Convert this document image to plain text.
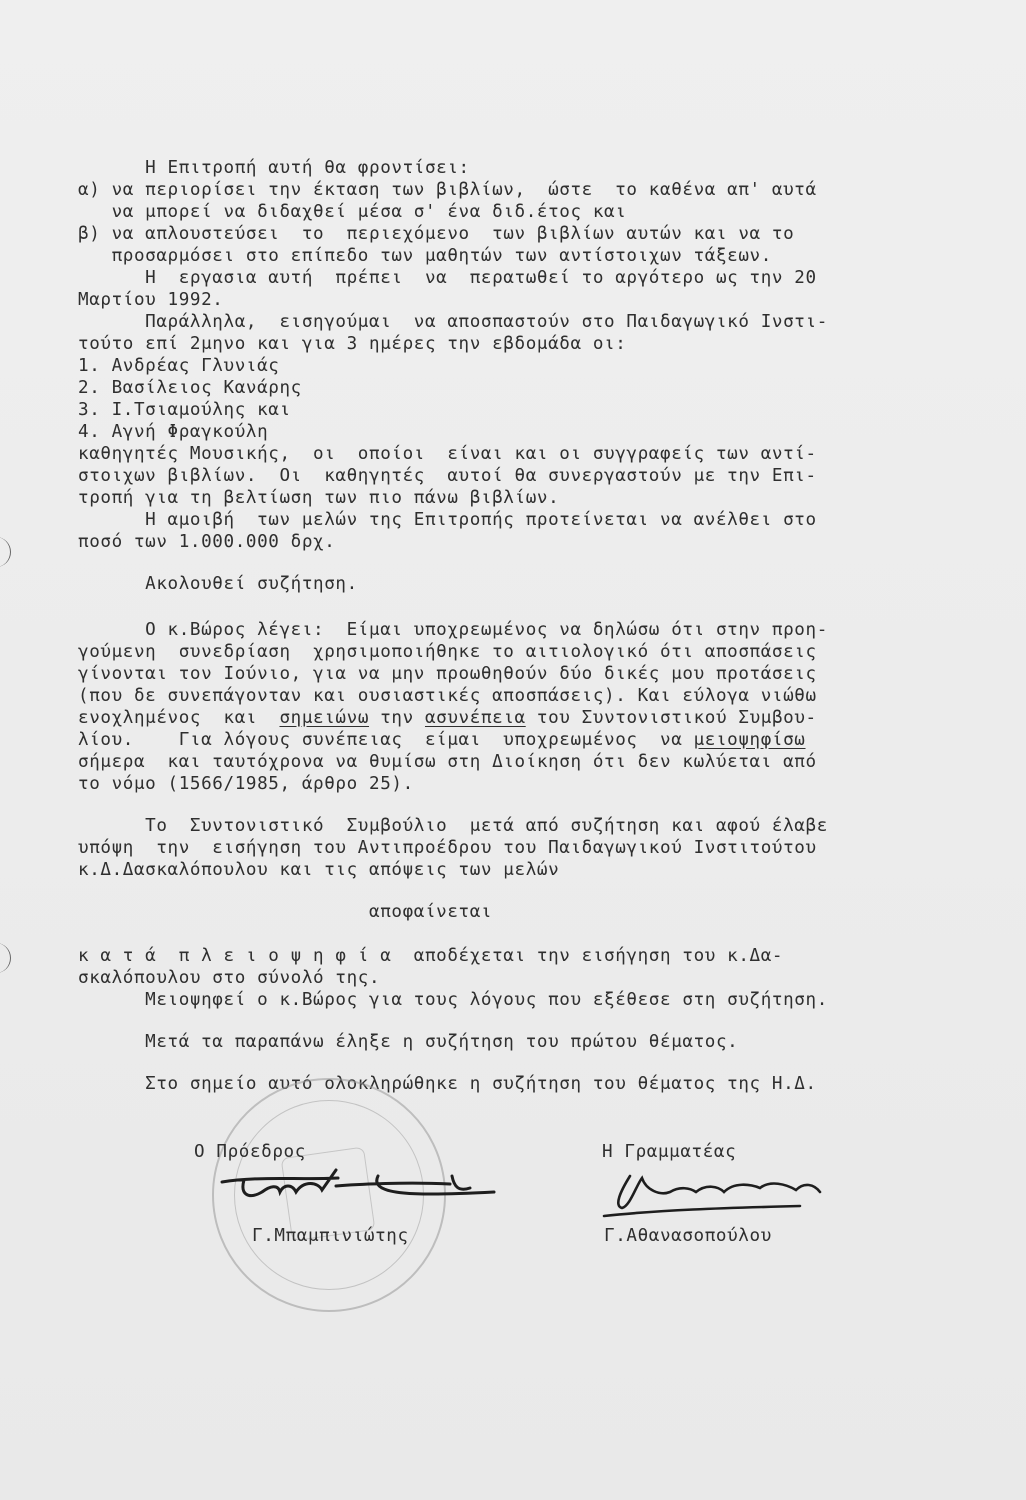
Η Επιτροπή αυτή θα φροντίσει:

α) να περιορίσει την έκταση των βιβλίων,  ώστε  το καθένα απ' αυτά

να μπορεί να διδαχθεί μέσα σ' ένα διδ.έτος και

β) να απλουστεύσει  το  περιεχόμενο  των βιβλίων αυτών και να το

προσαρμόσει στο επίπεδο των μαθητών των αντίστοιχων τάξεων.

Η  εργασια αυτή  πρέπει  να  περατωθεί το αργότερο ως την 20

Μαρτίου 1992.

Παράλληλα,  εισηγούμαι  να αποσπαστούν στο Παιδαγωγικό Ινστι-

τούτο επί 2μηνο και για 3 ημέρες την εβδομάδα οι:

1. Ανδρέας Γλυνιάς

2. Βασίλειος Κανάρης

3. Ι.Τσιαμούλης και

4. Αγνή Φραγκούλη

καθηγητές Μουσικής,  οι  οποίοι  είναι και οι συγγραφείς των αντί-

στοιχων βιβλίων.  Οι  καθηγητές  αυτοί θα συνεργαστούν με την Επι-

τροπή για τη βελτίωση των πιο πάνω βιβλίων.

Η αμοιβή  των μελών της Επιτροπής προτείνεται να ανέλθει στο

ποσό των 1.000.000 δρχ.

Ακολουθεί συζήτηση.

Ο κ.Βώρος λέγει:  Είμαι υποχρεωμένος να δηλώσω ότι στην προη-

γούμενη  συνεδρίαση  χρησιμοποιήθηκε το αιτιολογικό ότι αποσπάσεις

γίνονται τον Ιούνιο, για να μην προωθηθούν δύο δικές μου προτάσεις

(που δε συνεπάγονταν και ουσιαστικές αποσπάσεις). Και εύλογα νιώθω

ενοχλημένος  και  σημειώνω την ασυνέπεια του Συντονιστικού Συμβου-

λίου.    Για λόγους συνέπειας  είμαι  υποχρεωμένος  να μειοψηφίσω

σήμερα  και ταυτόχρονα να θυμίσω στη Διοίκηση ότι δεν κωλύεται από

το νόμο (1566/1985, άρθρο 25).

Το  Συντονιστικό  Συμβούλιο  μετά από συζήτηση και αφού έλαβε

υπόψη  την  εισήγηση του Αντιπροέδρου του Παιδαγωγικού Ινστιτούτου

κ.Δ.Δασκαλόπουλου και τις απόψεις των μελών

αποφαίνεται

κ α τ ά  π λ ε ι ο ψ η φ ί α  αποδέχεται την εισήγηση του κ.Δα-

σκαλόπουλου στο σύνολό της.

Μειοψηφεί ο κ.Βώρος για τους λόγους που εξέθεσε στη συζήτηση.

Μετά τα παραπάνω έληξε η συζήτηση του πρώτου θέματος.

Στο σημείο αυτό ολοκληρώθηκε η συζήτηση του θέματος της Η.Δ.

Ο Πρόεδρος

Γ.Μπαμπινιώτης

Η Γραμματέας

Γ.Αθανασοπούλου
